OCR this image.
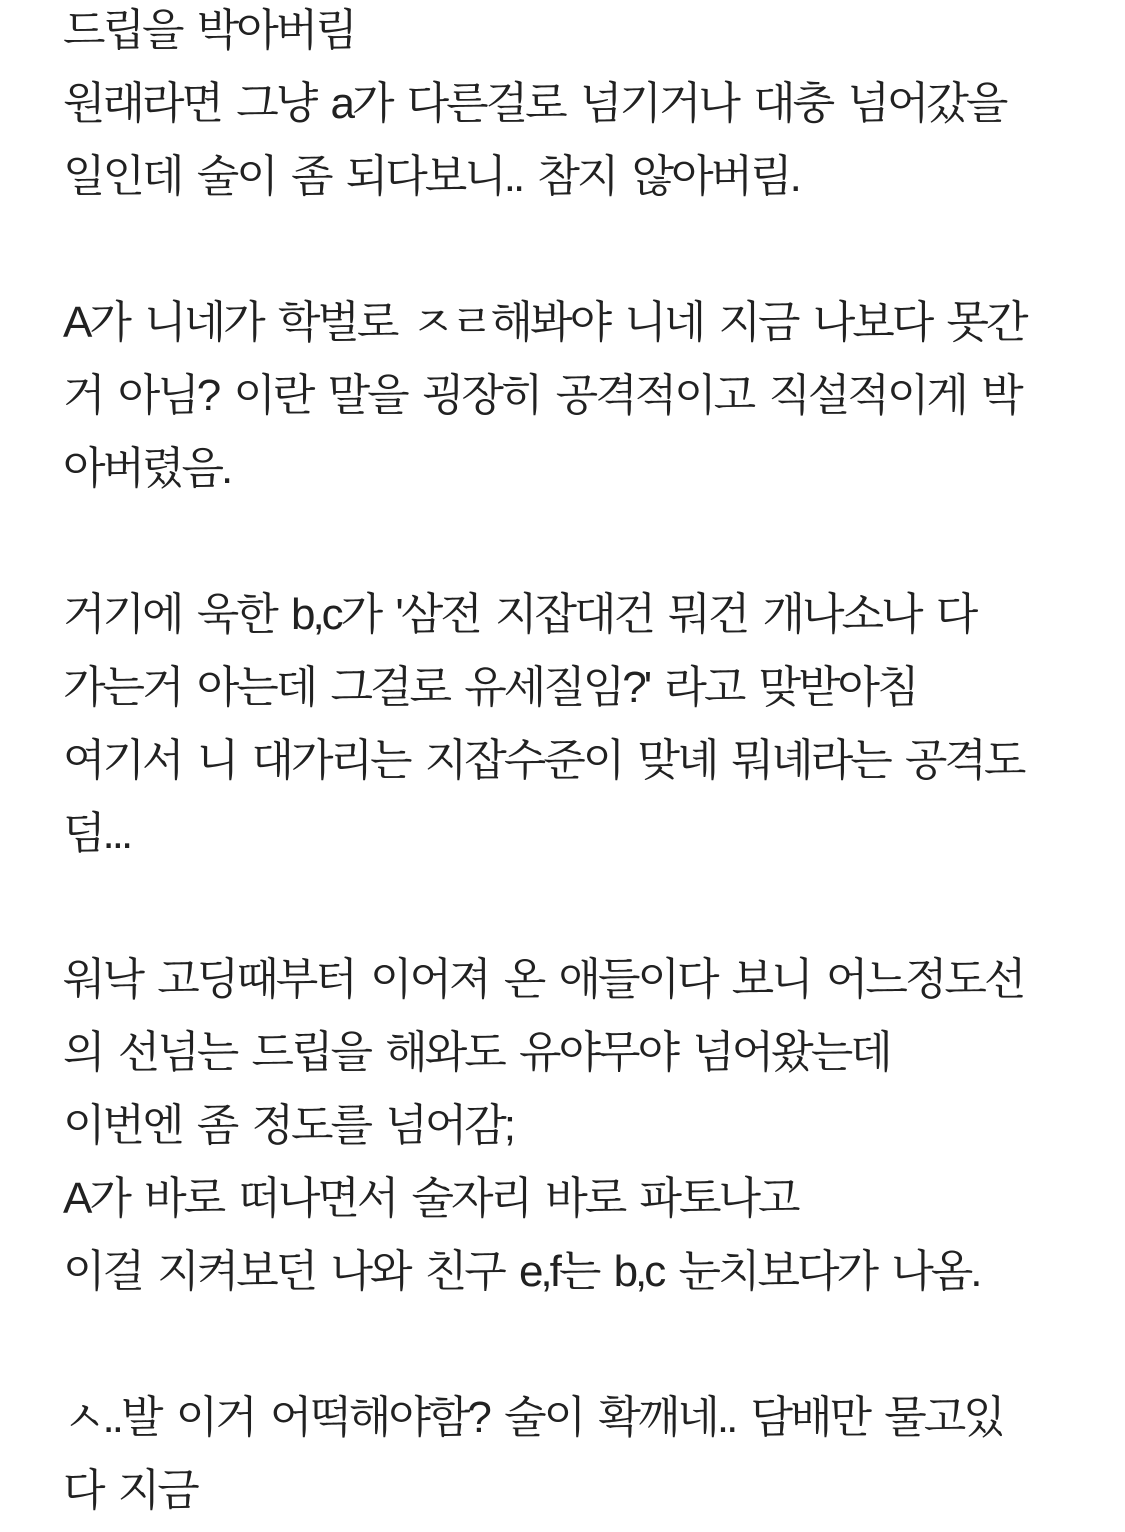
드립을 박아버림
원래라면 그냥 a가 다른걸로 넘기거나 대충 넘어갔을
일인데 술이 좀 되다보니.. 참지 않아버림.
A가 니네가 학벌로 ㅈㄹ해봐야 니네 지금 나보다 못간
거 아님? 이란 말을 굉장히 공격적이고 직설적이게 박
아버렸음.
거기에 욱한 b,c가 '삼전 지잡대건 뭐건 개나소나 다
가는거 아는데 그걸로 유세질임?' 라고 맞받아침
여기서 니 대가리는 지잡수준이 맞녜 뭐녜라는 공격도
덤...
워낙 고딩때부터 이어져 온 애들이다 보니 어느정도선
의 선넘는 드립을 해와도 유야무야 넘어왔는데
이번엔 좀 정도를 넘어감;
A가 바로 떠나면서 술자리 바로 파토나고
이걸 지켜보던 나와 친구 e,f는 b,c 눈치보다가 나옴.
ㅅ..발 이거 어떡해야함? 술이 확깨네.. 담배만 물고있
다 지금
